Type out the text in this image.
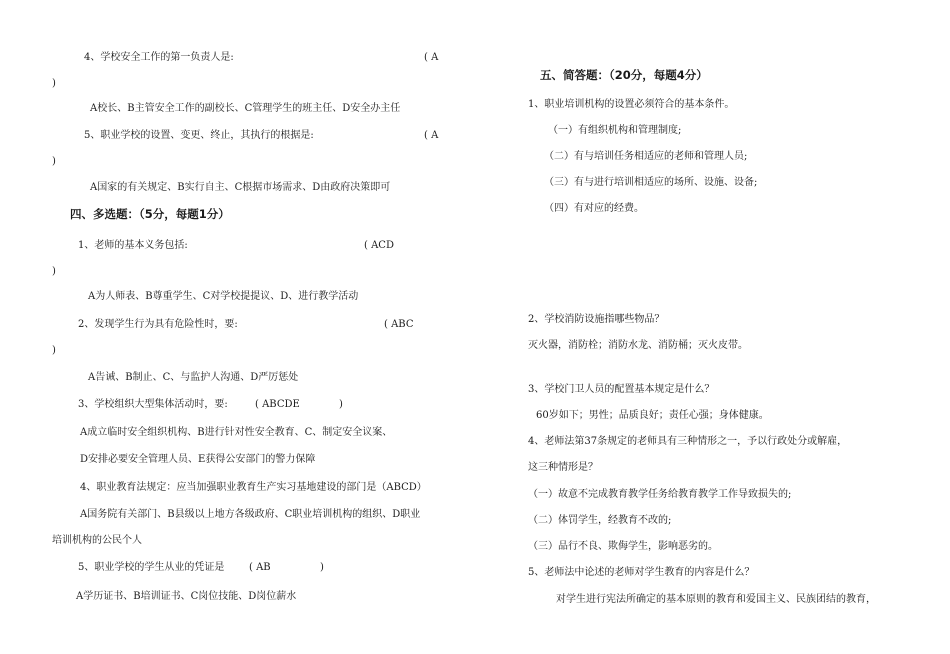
4、学校安全工作的第一负责人是:	( A
)
A校长、B主管安全工作的副校长、C管理学生的班主任、D安全办主任
5、职业学校的设置、变更、终止，其执行的根据是:	( A
)
A国家的有关规定、B实行自主、C根据市场需求、D由政府决策即可
四、多选题：（5分，每题1分）
1、老师的基本义务包括:	( ACD
)
A为人师表、B尊重学生、C对学校提提议、D、进行教学活动
2、发现学生行为具有危险性时，要:	( ABC
)
A告诫、B制止、C、与监护人沟通、D严厉惩处
3、学校组织大型集体活动时，要:	( ABCDE	)
A成立临时安全组织机构、B进行针对性安全教育、C、制定安全议案、
D安排必要安全管理人员、E获得公安部门的警力保障
4、职业教育法规定：应当加强职业教育生产实习基地建设的部门是（ABCD）
A国务院有关部门、B县级以上地方各级政府、C职业培训机构的组织、D职业
培训机构的公民个人
5、职业学校的学生从业的凭证是 ( AB	)
A学历证书、B培训证书、C岗位技能、D岗位薪水
五、简答题：（20分，每题4分）
1、职业培训机构的设置必须符合的基本条件。
（一）有组织机构和管理制度;
（二）有与培训任务相适应的老师和管理人员;
（三）有与进行培训相适应的场所、设施、设备;
（四）有对应的经费。
2、学校消防设施指哪些物品？
灭火器，消防栓；消防水龙、消防桶；灭火皮带。
3、学校门卫人员的配置基本规定是什么？
60岁如下；男性；品质良好；责任心强；身体健康。
4、老师法第37条规定的老师具有三种情形之一，予以行政处分或解雇，
这三种情形是？
（一）故意不完成教育教学任务给教育教学工作导致损失的;
（二）体罚学生，经教育不改的;
（三）品行不良、欺侮学生，影响恶劣的。
5、老师法中论述的老师对学生教育的内容是什么？
对学生进行宪法所确定的基本原则的教育和爱国主义、民族团结的教育，
